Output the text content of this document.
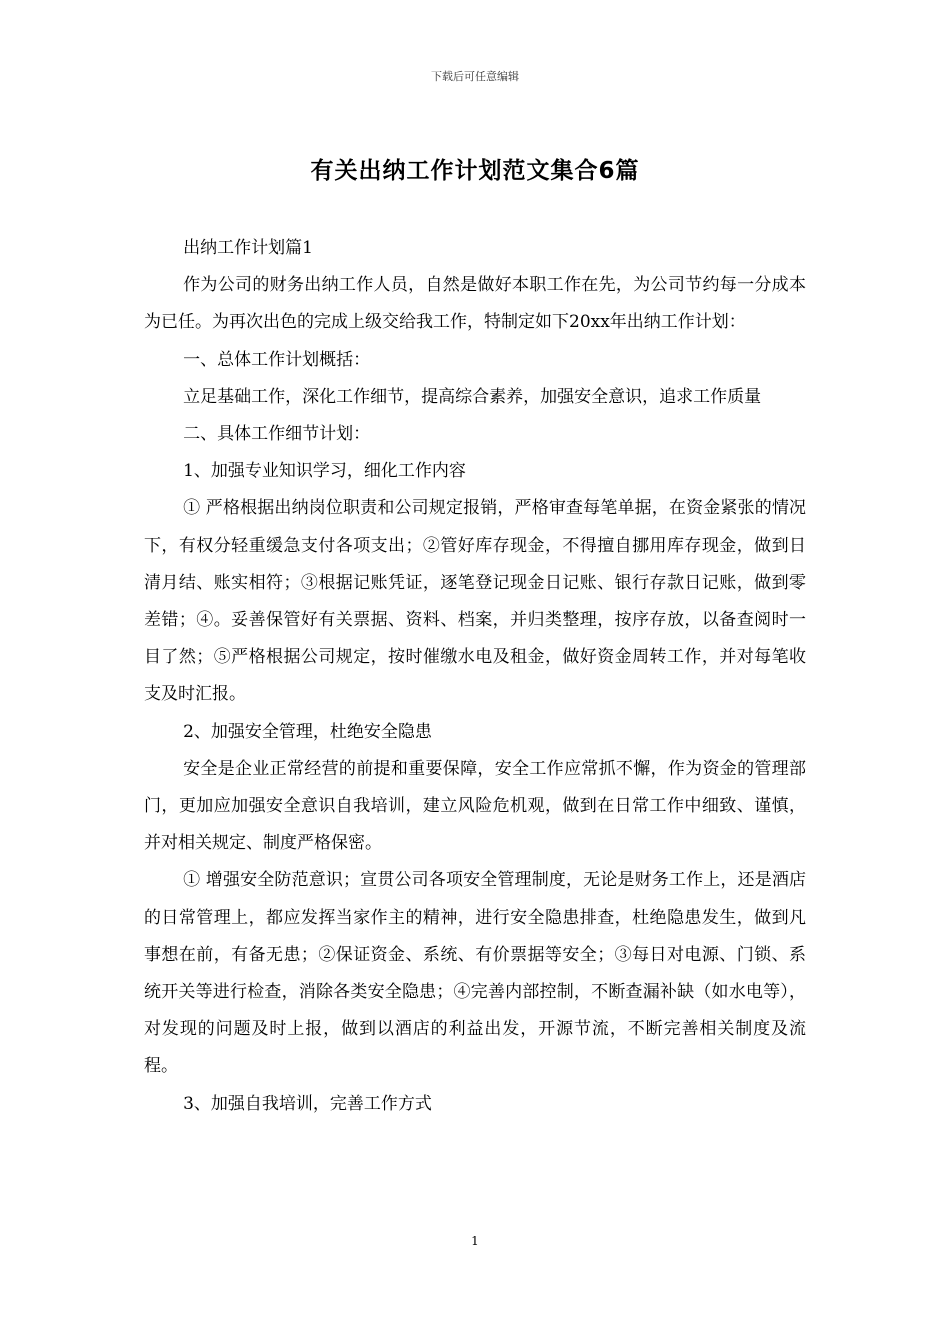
下载后可任意编辑
有关出纳工作计划范文集合6篇

出纳工作计划篇1

作为公司的财务出纳工作人员，自然是做好本职工作在先，为公司节约每一分成本为已任。为再次出色的完成上级交给我工作，特制定如下20xx年出纳工作计划：

一、总体工作计划概括：

立足基础工作，深化工作细节，提高综合素养，加强安全意识，追求工作质量

二、具体工作细节计划：

1、加强专业知识学习，细化工作内容

① 严格根据出纳岗位职责和公司规定报销，严格审查每笔单据，在资金紧张的情况下，有权分轻重缓急支付各项支出；②管好库存现金，不得擅自挪用库存现金，做到日清月结、账实相符；③根据记账凭证，逐笔登记现金日记账、银行存款日记账，做到零差错；④。妥善保管好有关票据、资料、档案，并归类整理，按序存放，以备查阅时一目了然；⑤严格根据公司规定，按时催缴水电及租金，做好资金周转工作，并对每笔收支及时汇报。

2、加强安全管理，杜绝安全隐患

安全是企业正常经营的前提和重要保障，安全工作应常抓不懈，作为资金的管理部门，更加应加强安全意识自我培训，建立风险危机观，做到在日常工作中细致、谨慎，并对相关规定、制度严格保密。

① 增强安全防范意识；宣贯公司各项安全管理制度，无论是财务工作上，还是酒店的日常管理上，都应发挥当家作主的精神，进行安全隐患排查，杜绝隐患发生，做到凡事想在前，有备无患；②保证资金、系统、有价票据等安全；③每日对电源、门锁、系统开关等进行检查，消除各类安全隐患；④完善内部控制，不断查漏补缺（如水电等），对发现的问题及时上报，做到以酒店的利益出发，开源节流，不断完善相关制度及流程。

3、加强自我培训，完善工作方式

1
